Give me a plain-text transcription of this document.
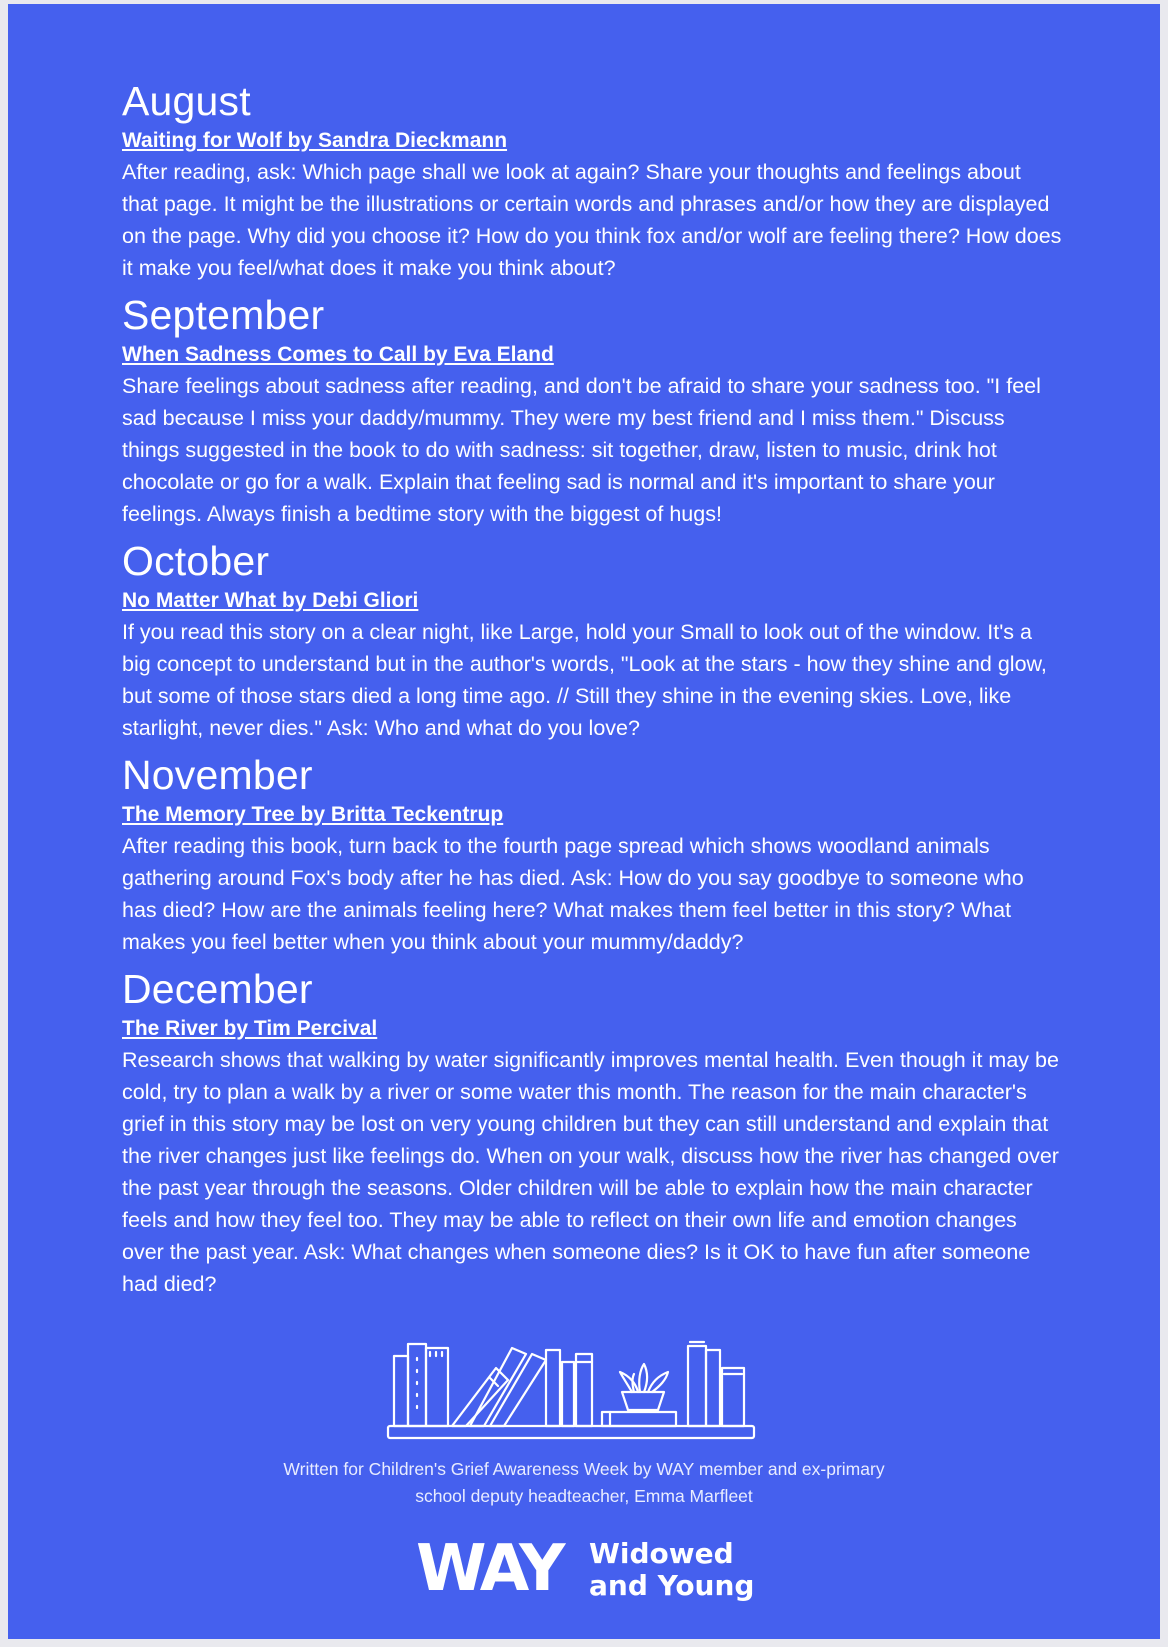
August
Waiting for Wolf by Sandra Dieckmann

After reading, ask: Which page shall we look at again? Share your thoughts and feelings about that page. It might be the illustrations or certain words and phrases and/or how they are displayed on the page. Why did you choose it? How do you think fox and/or wolf are feeling there? How does it make you feel/what does it make you think about?

September
When Sadness Comes to Call by Eva Eland

Share feelings about sadness after reading, and don't be afraid to share your sadness too. "I feel sad because I miss your daddy/mummy. They were my best friend and I miss them." Discuss things suggested in the book to do with sadness: sit together, draw, listen to music, drink hot chocolate or go for a walk. Explain that feeling sad is normal and it's important to share your feelings. Always finish a bedtime story with the biggest of hugs!

October
No Matter What by Debi Gliori

If you read this story on a clear night, like Large, hold your Small to look out of the window. It's a big concept to understand but in the author's words, "Look at the stars - how they shine and glow, but some of those stars died a long time ago. // Still they shine in the evening skies. Love, like starlight, never dies." Ask: Who and what do you love?

November
The Memory Tree by Britta Teckentrup

After reading this book, turn back to the fourth page spread which shows woodland animals gathering around Fox's body after he has died. Ask: How do you say goodbye to someone who has died? How are the animals feeling here? What makes them feel better in this story? What makes you feel better when you think about your mummy/daddy?

December
The River by Tim Percival

Research shows that walking by water significantly improves mental health. Even though it may be cold, try to plan a walk by a river or some water this month. The reason for the main character's grief in this story may be lost on very young children but they can still understand and explain that the river changes just like feelings do. When on your walk, discuss how the river has changed over the past year through the seasons. Older children will be able to explain how the main character feels and how they feel too. They may be able to reflect on their own life and emotion changes over the past year. Ask: What changes when someone dies? Is it OK to have fun after someone had died?

Written for Children's Grief Awareness Week by WAY member and ex-primary
school deputy headteacher, Emma Marfleet
WAY Widowed
and Young
